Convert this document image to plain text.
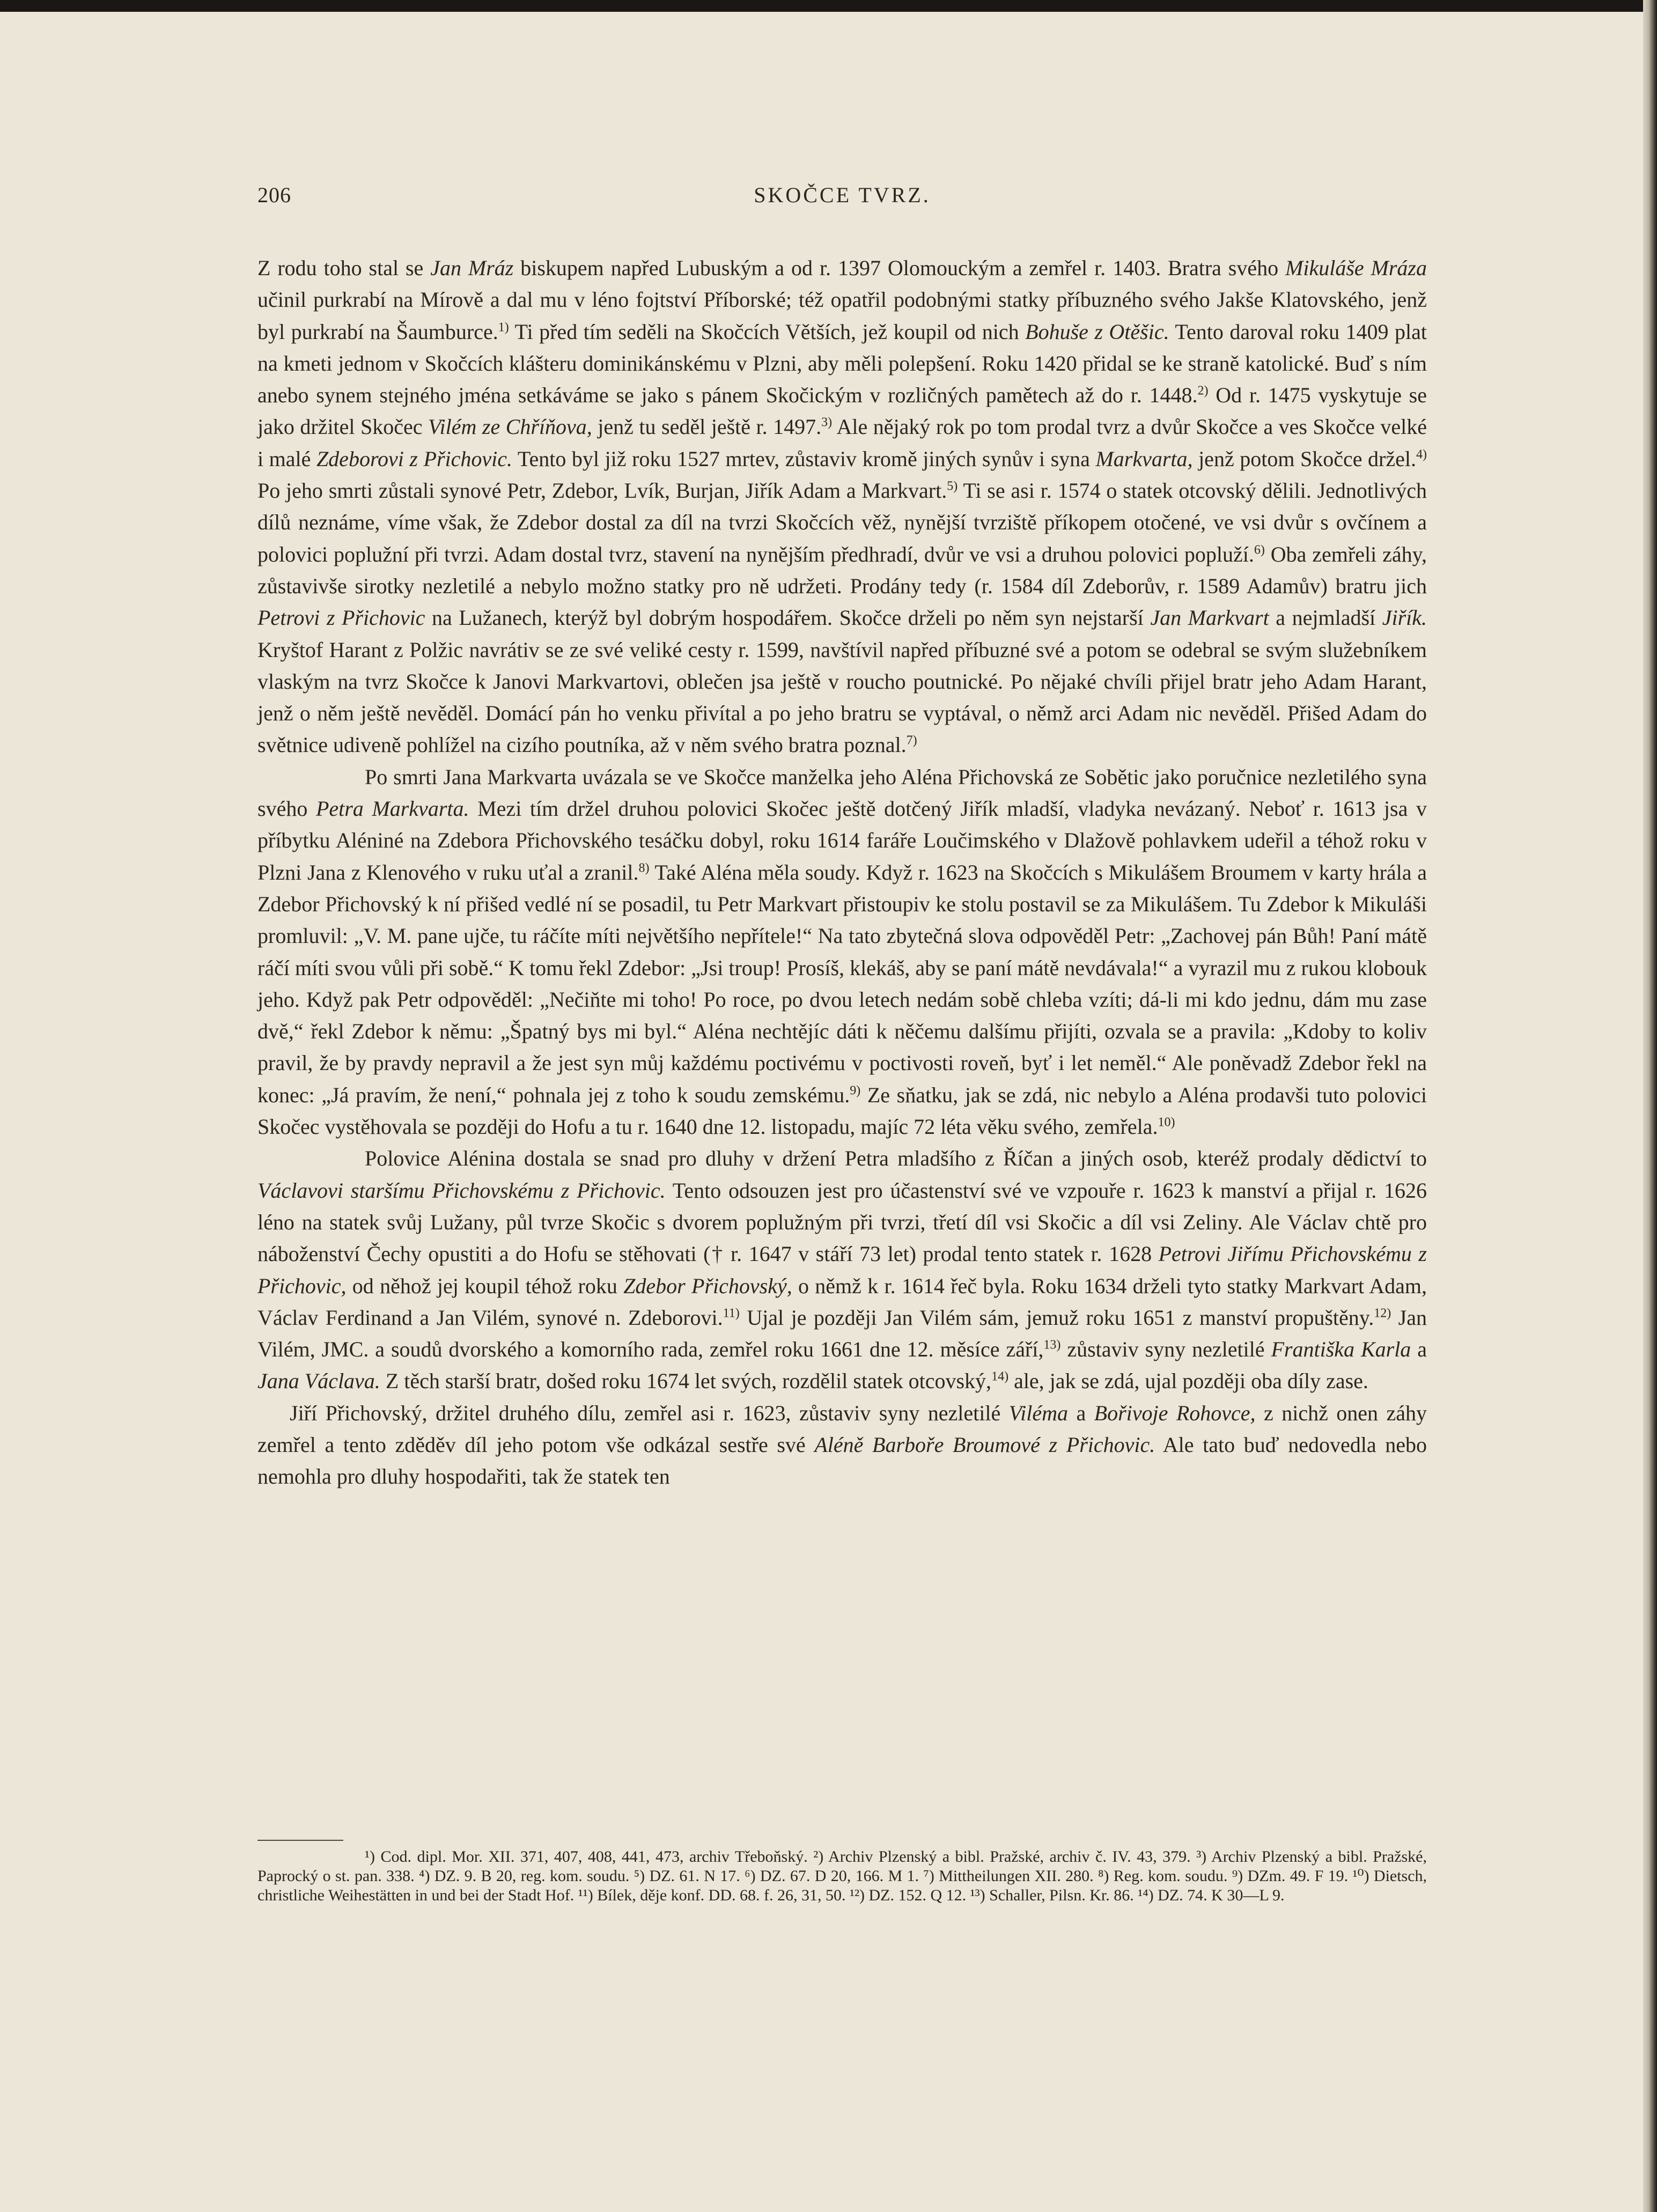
206	SKOČCE TVRZ.

Z rodu toho stal se Jan Mráz biskupem napřed Lubuským a od r. 1397 Olomouckým a zemřel r. 1403. Bratra svého Mikuláše Mráza učinil purkrabí na Mírově a dal mu v léno fojtství Příborské; též opatřil podobnými statky příbuzného svého Jakše Klatovského, jenž byl purkrabí na Šaumburce.$^{1)}$ Ti před tím seděli na Skočcích Větších, jež koupil od nich Bohuše z Otěšic. Tento daroval roku 1409 plat na kmeti jednom v Skočcích klášteru dominikánskému v Plzni, aby měli polepšení. Roku 1420 přidal se ke straně katolické. Buď s ním anebo synem stejného jména setkáváme se jako s pánem Skočickým v rozličných pamětech až do r. 1448.$^{2)}$ Od r. 1475 vyskytuje se jako držitel Skočec Vilém ze Chříňova, jenž tu seděl ještě r. 1497.$^{3)}$ Ale nějaký rok po tom prodal tvrz a dvůr Skočce a ves Skočce velké i malé Zdeborovi z Přichovic. Tento byl již roku 1527 mrtev, zůstaviv kromě jiných synův i syna Markvarta, jenž potom Skočce držel.$^{4)}$ Po jeho smrti zůstali synové Petr, Zdebor, Lvík, Burjan, Jiřík Adam a Markvart.$^{5)}$ Ti se asi r. 1574 o statek otcovský dělili. Jednotlivých dílů neznáme, víme však, že Zdebor dostal za díl na tvrzi Skočcích věž, nynější tvrziště příkopem otočené, ve vsi dvůr s ovčínem a polovici poplužní při tvrzi. Adam dostal tvrz, stavení na nynějším předhradí, dvůr ve vsi a druhou polovici popluží.$^{6)}$ Oba zemřeli záhy, zůstavivše sirotky nezletilé a nebylo možno statky pro ně udržeti. Prodány tedy (r. 1584 díl Zdeborův, r. 1589 Adamův) bratru jich Petrovi z Přichovic na Lužanech, kterýž byl dobrým hospodářem. Skočce drželi po něm syn nejstarší Jan Markvart a nejmladší Jiřík. Kryštof Harant z Polžic navrátiv se ze své veliké cesty r. 1599, navštívil napřed příbuzné své a potom se odebral se svým služebníkem vlaským na tvrz Skočce k Janovi Markvartovi, oblečen jsa ještě v roucho poutnické. Po nějaké chvíli přijel bratr jeho Adam Harant, jenž o něm ještě nevěděl. Domácí pán ho venku přivítal a po jeho bratru se vyptával, o němž arci Adam nic nevěděl. Přišed Adam do světnice udiveně pohlížel na cizího poutníka, až v něm svého bratra poznal.$^{7)}$

Po smrti Jana Markvarta uvázala se ve Skočce manželka jeho Aléna Přichovská ze Sobětic jako poručnice nezletilého syna svého Petra Markvarta. Mezi tím držel druhou polovici Skočec ještě dotčený Jiřík mladší, vladyka nevázaný. Neboť r. 1613 jsa v příbytku Aléniné na Zdebora Přichovského tesáčku dobyl, roku 1614 faráře Loučimského v Dlažově pohlavkem udeřil a téhož roku v Plzni Jana z Klenového v ruku uťal a zranil.$^{8)}$ Také Aléna měla soudy. Když r. 1623 na Skočcích s Mikulášem Broumem v karty hrála a Zdebor Přichovský k ní přišed vedlé ní se posadil, tu Petr Markvart přistoupiv ke stolu postavil se za Mikulášem. Tu Zdebor k Mikuláši promluvil: „V. M. pane ujče, tu ráčíte míti největšího nepřítele!“ Na tato zbytečná slova odpověděl Petr: „Zachovej pán Bůh! Paní mátě ráčí míti svou vůli při sobě.“ K tomu řekl Zdebor: „Jsi troup! Prosíš, klekáš, aby se paní mátě nevdávala!“ a vyrazil mu z rukou klobouk jeho. Když pak Petr odpověděl: „Nečiňte mi toho! Po roce, po dvou letech nedám sobě chleba vzíti; dá-li mi kdo jednu, dám mu zase dvě,“ řekl Zdebor k němu: „Špatný bys mi byl.“ Aléna nechtějíc dáti k něčemu dalšímu přijíti, ozvala se a pravila: „Kdoby to koliv pravil, že by pravdy nepravil a že jest syn můj každému poctivému v poctivosti roveň, byť i let neměl.“ Ale poněvadž Zdebor řekl na konec: „Já pravím, že není,“ pohnala jej z toho k soudu zemskému.$^{9)}$ Ze sňatku, jak se zdá, nic nebylo a Aléna prodavši tuto polovici Skočec vystěhovala se později do Hofu a tu r. 1640 dne 12. listopadu, majíc 72 léta věku svého, zemřela.$^{10)}$

Polovice Alénina dostala se snad pro dluhy v držení Petra mladšího z Říčan a jiných osob, kteréž prodaly dědictví to Václavovi staršímu Přichovskému z Přichovic. Tento odsouzen jest pro účastenství své ve vzpouře r. 1623 k manství a přijal r. 1626 léno na statek svůj Lužany, půl tvrze Skočic s dvorem poplužným při tvrzi, třetí díl vsi Skočic a díl vsi Zeliny. Ale Václav chtě pro náboženství Čechy opustiti a do Hofu se stěhovati († r. 1647 v stáří 73 let) prodal tento statek r. 1628 Petrovi Jiřímu Přichovskému z Přichovic, od něhož jej koupil téhož roku Zdebor Přichovský, o němž k r. 1614 řeč byla. Roku 1634 drželi tyto statky Markvart Adam, Václav Ferdinand a Jan Vilém, synové n. Zdeborovi.$^{11)}$ Ujal je později Jan Vilém sám, jemuž roku 1651 z manství propuštěny.$^{12)}$ Jan Vilém, JMC. a soudů dvorského a komorního rada, zemřel roku 1661 dne 12. měsíce září,$^{13)}$ zůstaviv syny nezletilé Františka Karla a Jana Václava. Z těch starší bratr, došed roku 1674 let svých, rozdělil statek otcovský,$^{14)}$ ale, jak se zdá, ujal později oba díly zase.

Jiří Přichovský, držitel druhého dílu, zemřel asi r. 1623, zůstaviv syny nezletilé Viléma a Bořivoje Rohovce, z nichž onen záhy zemřel a tento zděděv díl jeho potom vše odkázal sestře své Aléně Barboře Broumové z Přichovic. Ale tato buď nedovedla nebo nemohla pro dluhy hospodařiti, tak že statek ten

¹) Cod. dipl. Mor. XII. 371, 407, 408, 441, 473, archiv Třeboňský. ²) Archiv Plzenský a bibl. Pražské, archiv č. IV. 43, 379. ³) Archiv Plzenský a bibl. Pražské, Paprocký o st. pan. 338. ⁴) DZ. 9. B 20, reg. kom. soudu. ⁵) DZ. 61. N 17. ⁶) DZ. 67. D 20, 166. M 1. ⁷) Mittheilungen XII. 280. ⁸) Reg. kom. soudu. ⁹) DZm. 49. F 19. ¹⁰) Dietsch, christliche Weihestätten in und bei der Stadt Hof. ¹¹) Bílek, děje konf. DD. 68. f. 26, 31, 50. ¹²) DZ. 152. Q 12. ¹³) Schaller, Pilsn. Kr. 86. ¹⁴) DZ. 74. K 30—L 9.
